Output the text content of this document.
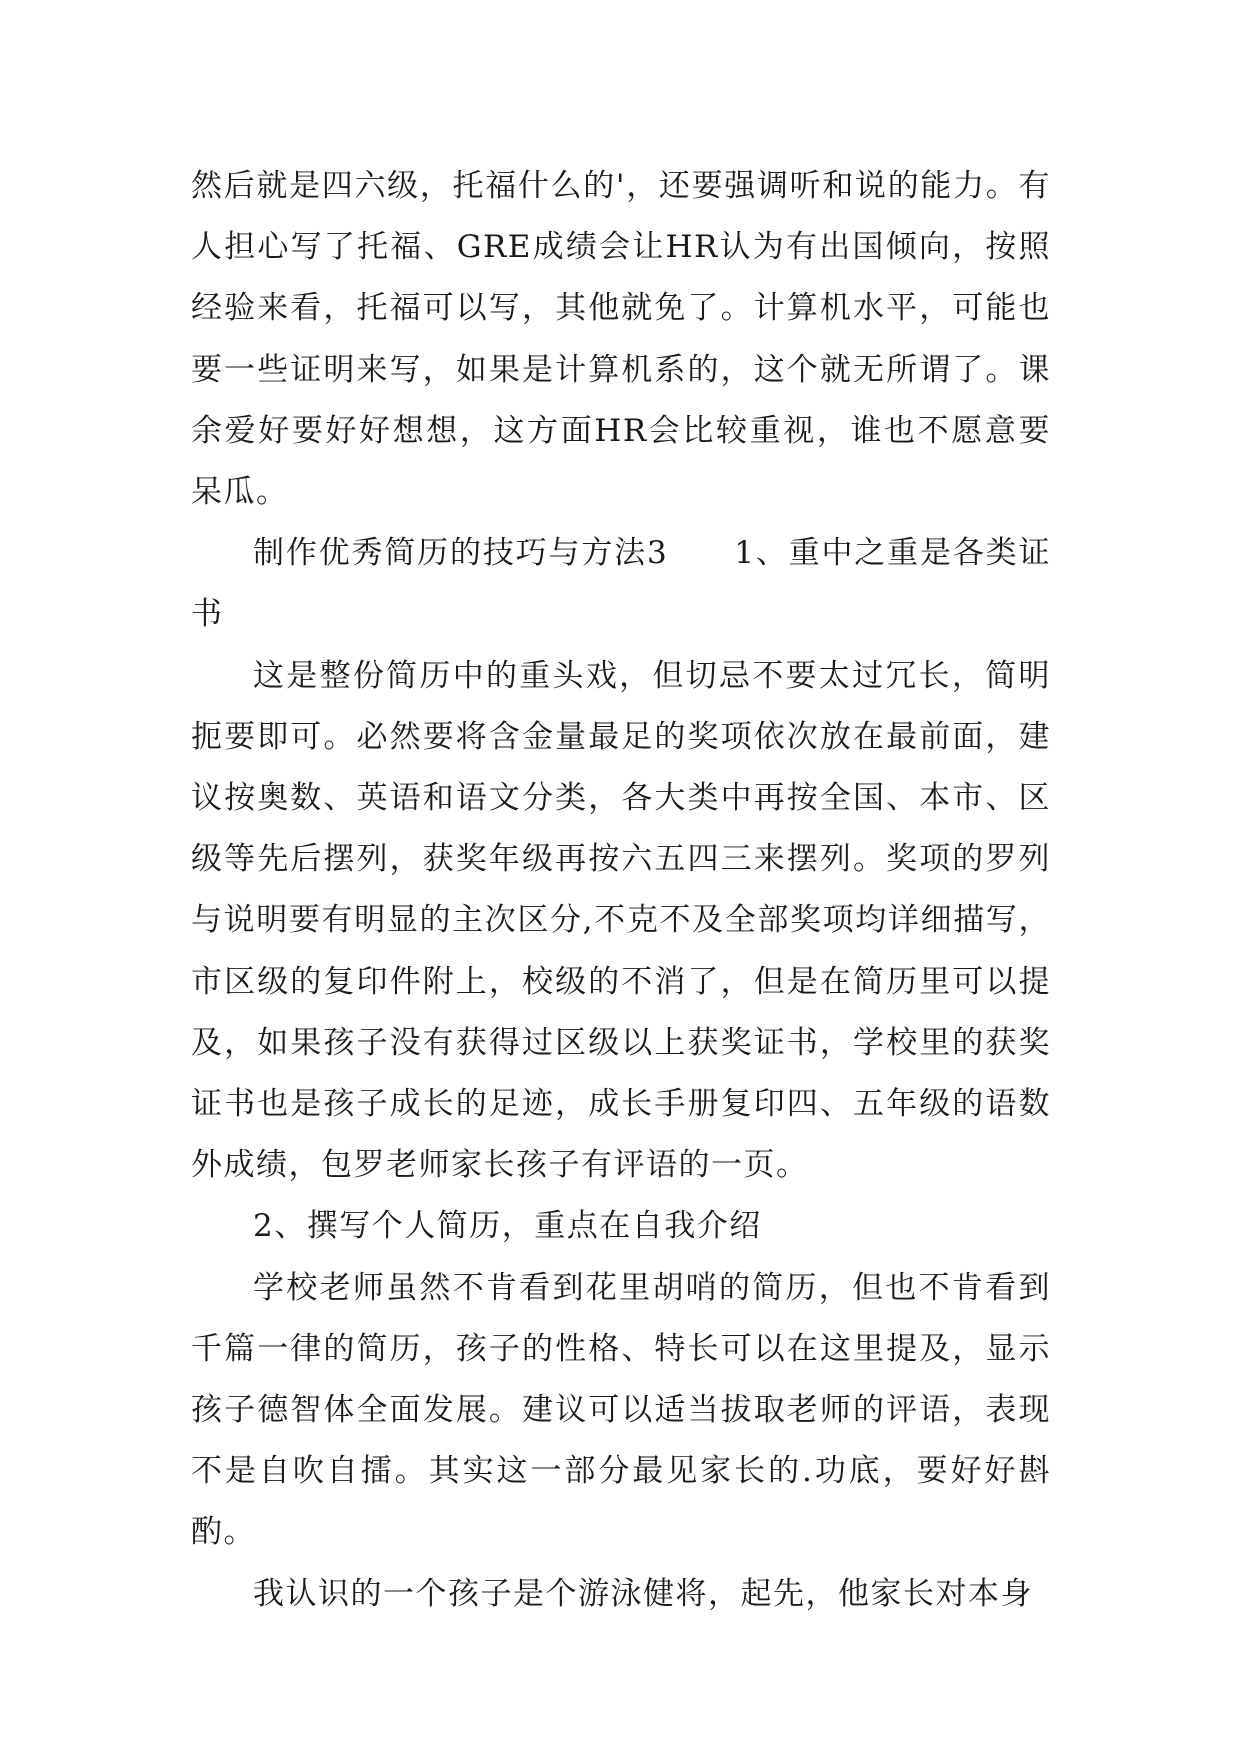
然后就是四六级，托福什么的'，还要强调听和说的能力。有人担心写了托福、GRE成绩会让HR认为有出国倾向，按照经验来看，托福可以写，其他就免了。计算机水平，可能也要一些证明来写，如果是计算机系的，这个就无所谓了。课余爱好要好好想想，这方面HR会比较重视，谁也不愿意要呆瓜。

制作优秀简历的技巧与方法3　　1、重中之重是各类证书

这是整份简历中的重头戏，但切忌不要太过冗长，简明扼要即可。必然要将含金量最足的奖项依次放在最前面，建议按奥数、英语和语文分类，各大类中再按全国、本市、区级等先后摆列，获奖年级再按六五四三来摆列。奖项的罗列与说明要有明显的主次区分,不克不及全部奖项均详细描写，市区级的复印件附上，校级的不消了，但是在简历里可以提及，如果孩子没有获得过区级以上获奖证书，学校里的获奖证书也是孩子成长的足迹，成长手册复印四、五年级的语数外成绩，包罗老师家长孩子有评语的一页。

2、撰写个人简历，重点在自我介绍

学校老师虽然不肯看到花里胡哨的简历，但也不肯看到千篇一律的简历，孩子的性格、特长可以在这里提及，显示孩子德智体全面发展。建议可以适当拔取老师的评语，表现不是自吹自擂。其实这一部分最见家长的.功底，要好好斟酌。

我认识的一个孩子是个游泳健将，起先，他家长对本身
